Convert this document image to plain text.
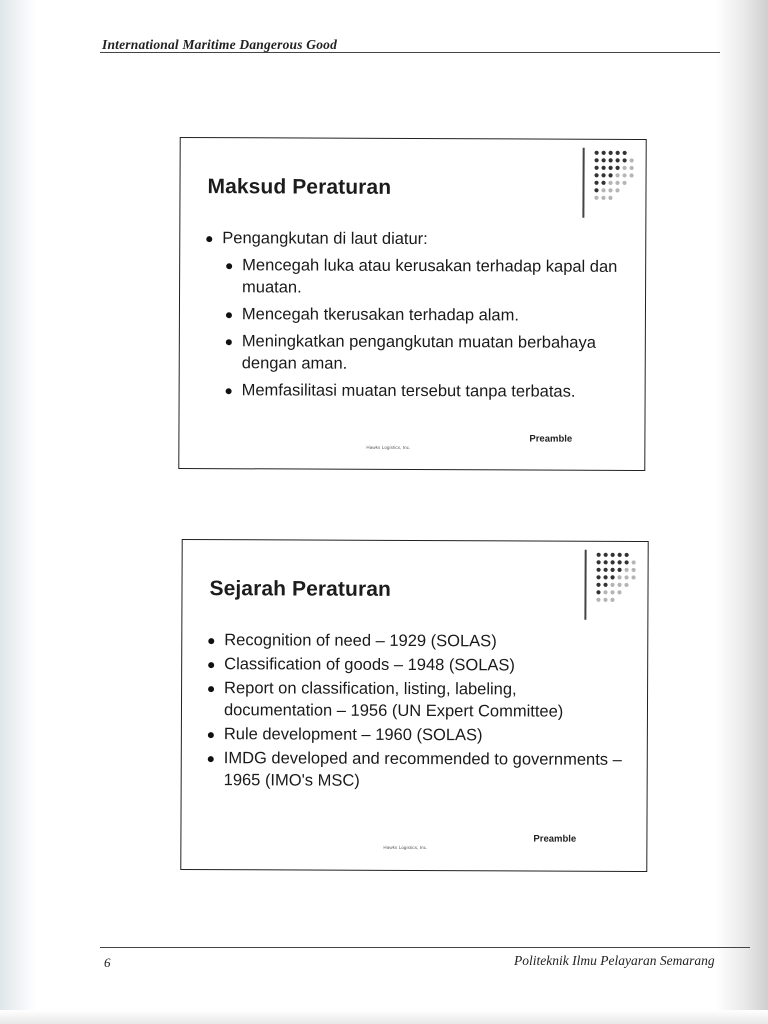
International Maritime Dangerous Good
Maksud Peraturan
Pengangkutan di laut diatur:
Mencegah luka atau kerusakan terhadap kapal dan muatan.
Mencegah tkerusakan terhadap alam.
Meningkatkan pengangkutan muatan berbahaya dengan aman.
Memfasilitasi muatan tersebut tanpa terbatas.
Hawks Logistics, Inc.
Preamble
Sejarah Peraturan
Recognition of need – 1929 (SOLAS)
Classification of goods – 1948 (SOLAS)
Report on classification, listing, labeling, documentation – 1956 (UN Expert Committee)
Rule development – 1960 (SOLAS)
IMDG developed and recommended to governments – 1965 (IMO's MSC)
Hawks Logistics, Inc.
Preamble
6	Politeknik Ilmu Pelayaran Semarang
